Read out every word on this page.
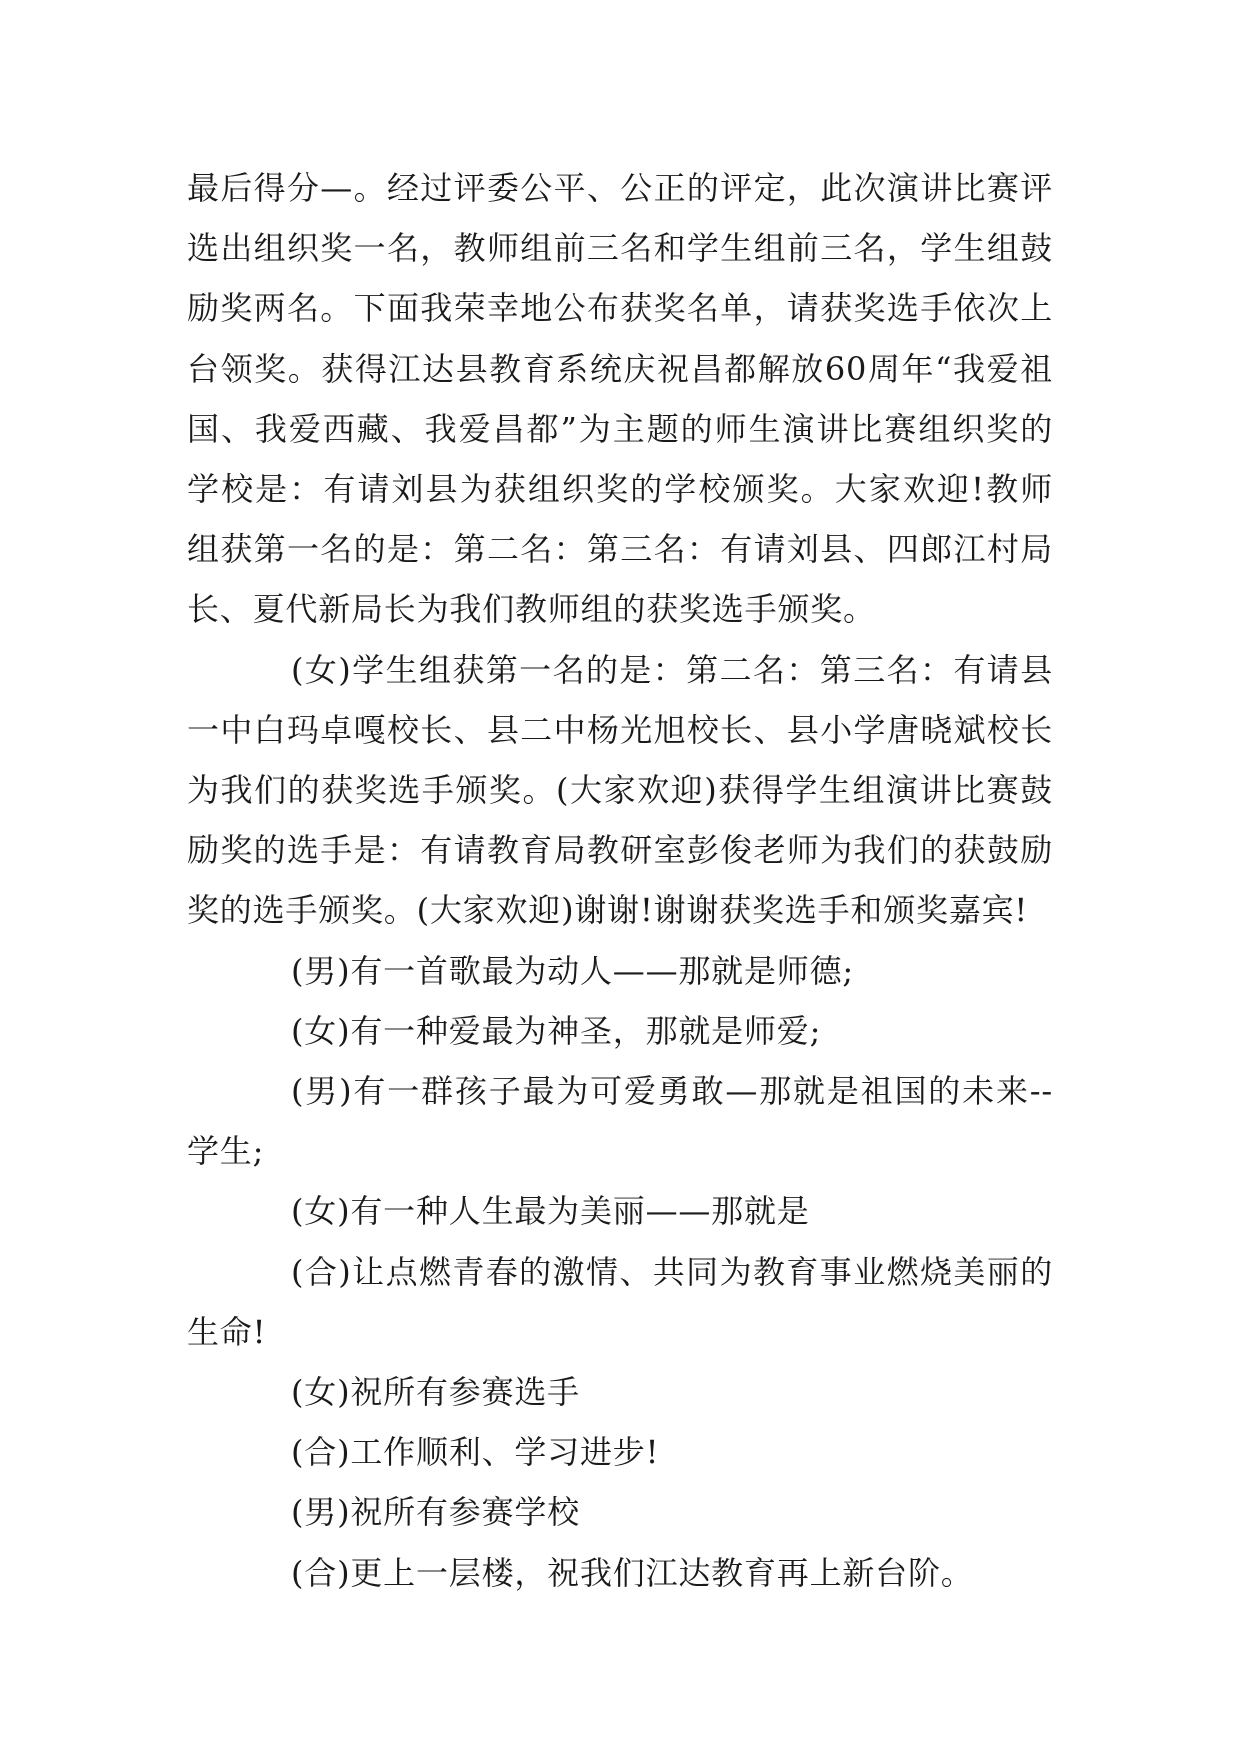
最后得分—。经过评委公平、公正的评定，此次演讲比赛评选出组织奖一名，教师组前三名和学生组前三名，学生组鼓励奖两名。下面我荣幸地公布获奖名单，请获奖选手依次上台领奖。获得江达县教育系统庆祝昌都解放60周年“我爱祖国、我爱西藏、我爱昌都”为主题的师生演讲比赛组织奖的学校是：有请刘县为获组织奖的学校颁奖。大家欢迎!教师组获第一名的是：第二名：第三名：有请刘县、四郎江村局长、夏代新局长为我们教师组的获奖选手颁奖。

(女)学生组获第一名的是：第二名：第三名：有请县一中白玛卓嘎校长、县二中杨光旭校长、县小学唐晓斌校长为我们的获奖选手颁奖。(大家欢迎)获得学生组演讲比赛鼓励奖的选手是：有请教育局教研室彭俊老师为我们的获鼓励奖的选手颁奖。(大家欢迎)谢谢!谢谢获奖选手和颁奖嘉宾!

(男)有一首歌最为动人——那就是师德;

(女)有一种爱最为神圣，那就是师爱;

(男)有一群孩子最为可爱勇敢—那就是祖国的未来--学生;

(女)有一种人生最为美丽——那就是

(合)让点燃青春的激情、共同为教育事业燃烧美丽的生命!

(女)祝所有参赛选手

(合)工作顺利、学习进步!

(男)祝所有参赛学校

(合)更上一层楼，祝我们江达教育再上新台阶。
